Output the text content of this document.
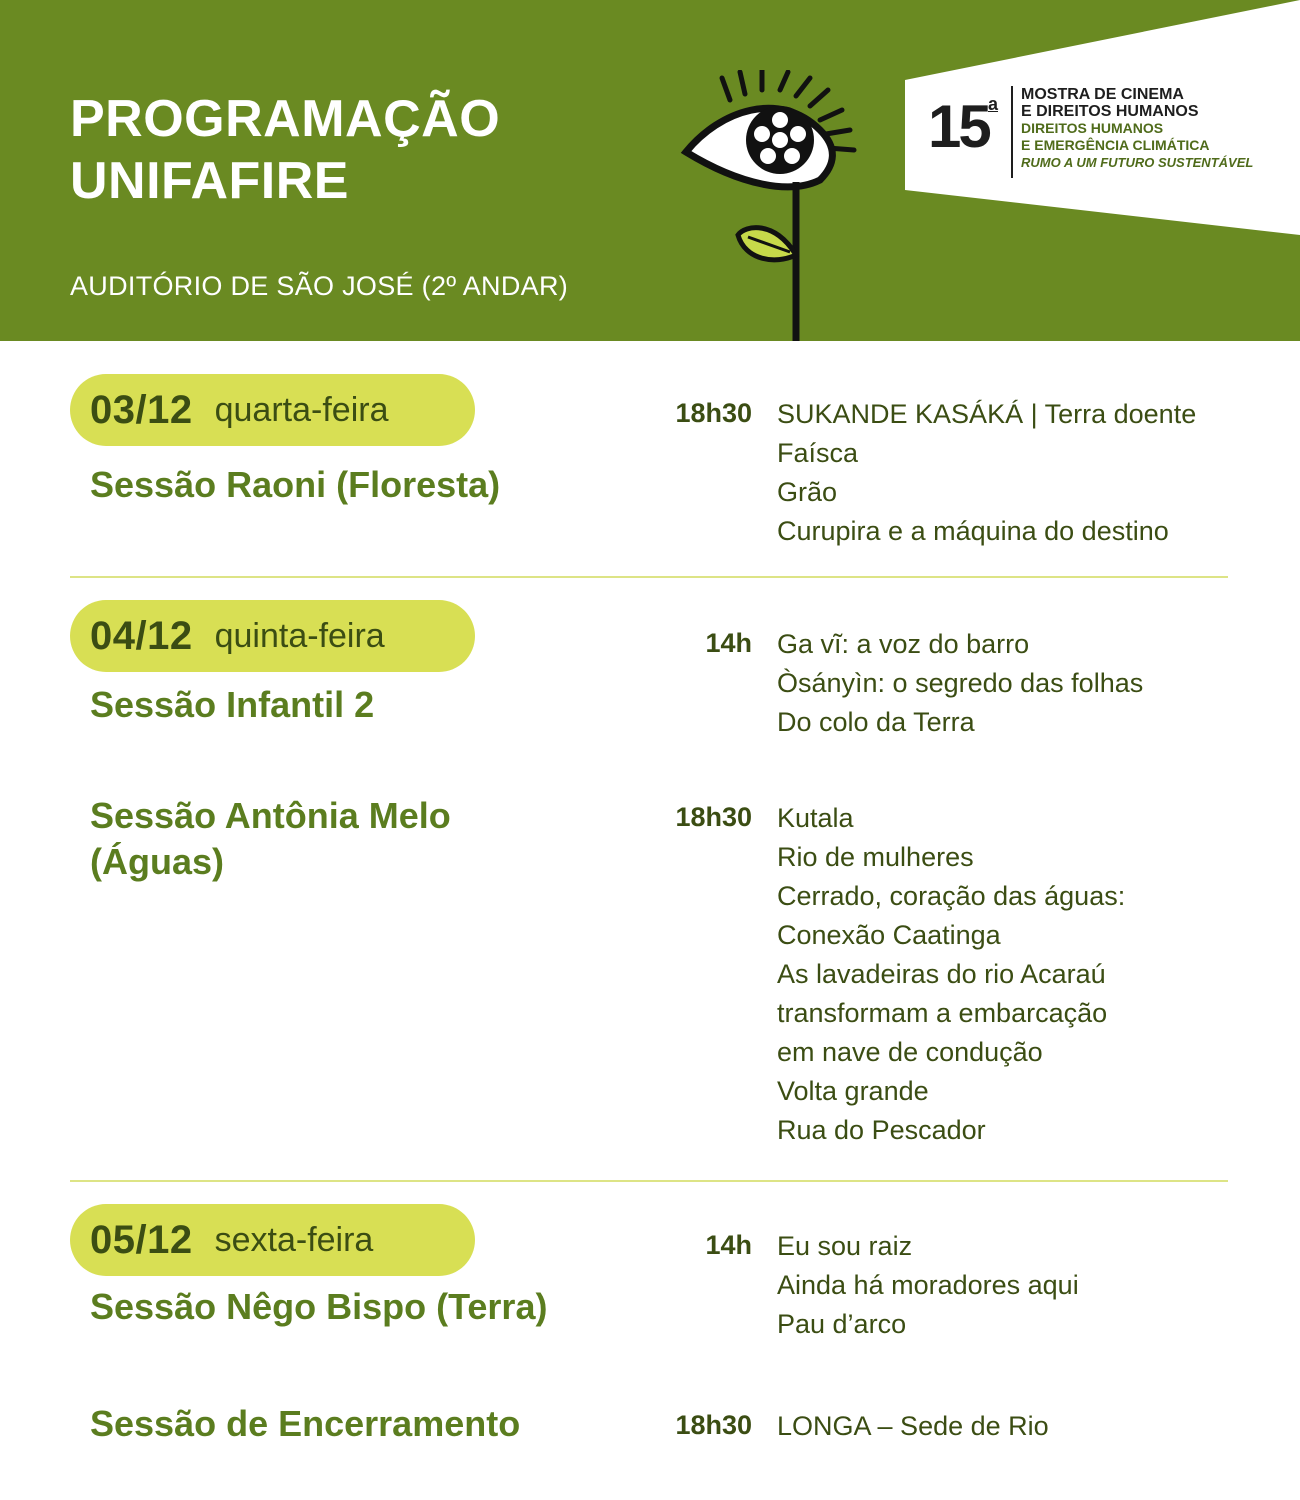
PROGRAMAÇÃO
UNIFAFIRE
AUDITÓRIO DE SÃO JOSÉ (2º ANDAR)
15 a MOSTRA DE CINEMA
E DIREITOS HUMANOS
DIREITOS HUMANOS
E EMERGÊNCIA CLIMÁTICA
RUMO A UM FUTURO SUSTENTÁVEL
03/12 quarta-feira
Sessão Raoni (Floresta)
18h30 SUKANDE KASÁKÁ | Terra doente
Faísca
Grão
Curupira e a máquina do destino
04/12 quinta-feira
Sessão Infantil 2
14h Ga vĩ: a voz do barro
Òsányìn: o segredo das folhas
Do colo da Terra
Sessão Antônia Melo
(Águas)
18h30 Kutala
Rio de mulheres
Cerrado, coração das águas:
Conexão Caatinga
As lavadeiras do rio Acaraú
transformam a embarcação
em nave de condução
Volta grande
Rua do Pescador
05/12 sexta-feira
Sessão Nêgo Bispo (Terra)
14h Eu sou raiz
Ainda há moradores aqui
Pau d’arco
Sessão de Encerramento	18h30 LONGA – Sede de Rio
